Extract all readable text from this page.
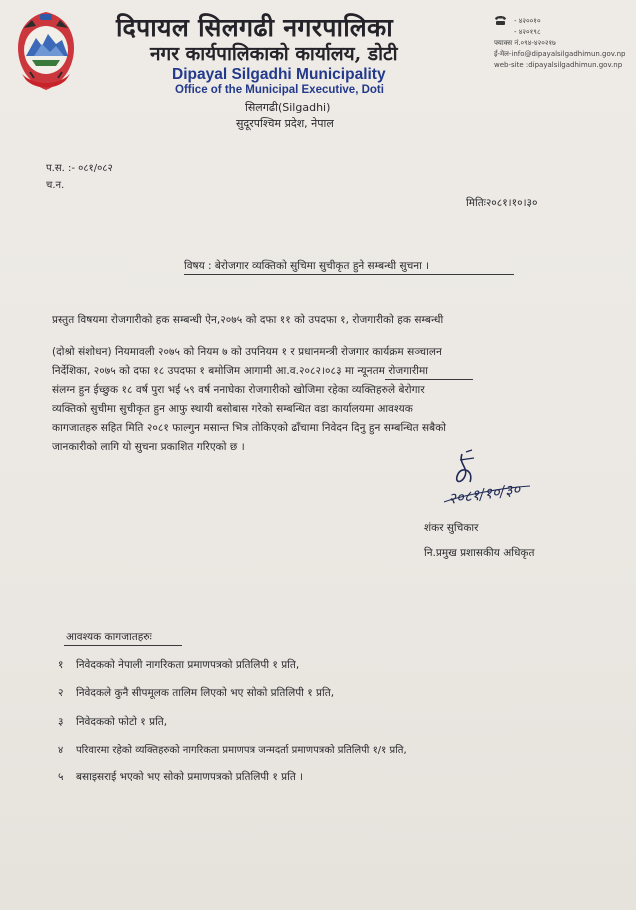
दिपायल सिलगढी नगरपालिका
नगर कार्यपालिकाको कार्यालय, डोटी
Dipayal Silgadhi Municipality
Office of the Municipal Executive, Doti
सिलगढी(Silgadhi)
सुदूरपश्चिम प्रदेश, नेपाल
- ४२००१०
- ४२०१९८
फ्याक्स नं.०९४-४२०२१७
ई-मेल-info@dipayalsilgadhimun.gov.np
web-site :dipayalsilgadhimun.gov.np
प.स. :- ०८१/०८२
च.न.
मितिः२०८१।१०।३०
विषय : बेरोजगार व्यक्तिको सुचिमा सुचीकृत हुने सम्बन्धी सुचना ।
प्रस्तुत विषयमा रोजगारीको हक सम्बन्धी ऐन,२०७५ को दफा ११ को उपदफा १, रोजगारीको हक सम्बन्धी
(दोश्रो संशोधन) नियमावली २०७५ को नियम ७ को उपनियम १ र प्रधानमन्त्री रोजगार कार्यक्रम सञ्चालन
निर्देशिका, २०७५ को दफा १८ उपदफा १ बमोजिम आगामी आ.व.२०८२।०८३ मा न्यूनतम रोजगारीमा
संलग्न हुन ईच्छुक १८ वर्ष पुरा भई ५९ वर्ष ननाघेका रोजगारीको खोजिमा रहेका व्यक्तिहरुले बेरोगार
व्यक्तिको सुचीमा सुचीकृत हुन आफु स्थायी बसोबास गरेको सम्बन्धित वडा कार्यालयमा आवश्यक
कागजातहरु सहित मिति २०८१ फाल्गुन मसान्त भित्र तोकिएको ढाँचामा निवेदन दिनु हुन सम्बन्धित सबैको
जानकारीको लागि यो सुचना प्रकाशित गरिएको छ ।
२०८१/१०/३०
शंकर सुचिकार
नि.प्रमुख प्रशासकीय अधिकृत
आवश्यक कागजातहरुः
१ निवेदकको नेपाली नागरिकता प्रमाणपत्रको प्रतिलिपी १ प्रति,
२ निवेदकले कुनै सीपमूलक तालिम लिएको भए सोको प्रतिलिपी १ प्रति,
३ निवेदकको फोटो १ प्रति,
४ परिवारमा रहेको व्यक्तिहरुको नागरिकता प्रमाणपत्र जन्मदर्ता प्रमाणपत्रको प्रतिलिपी १/१ प्रति,
५ बसाइसराई भएको भए सोको प्रमाणपत्रको प्रतिलिपी १ प्रति ।
